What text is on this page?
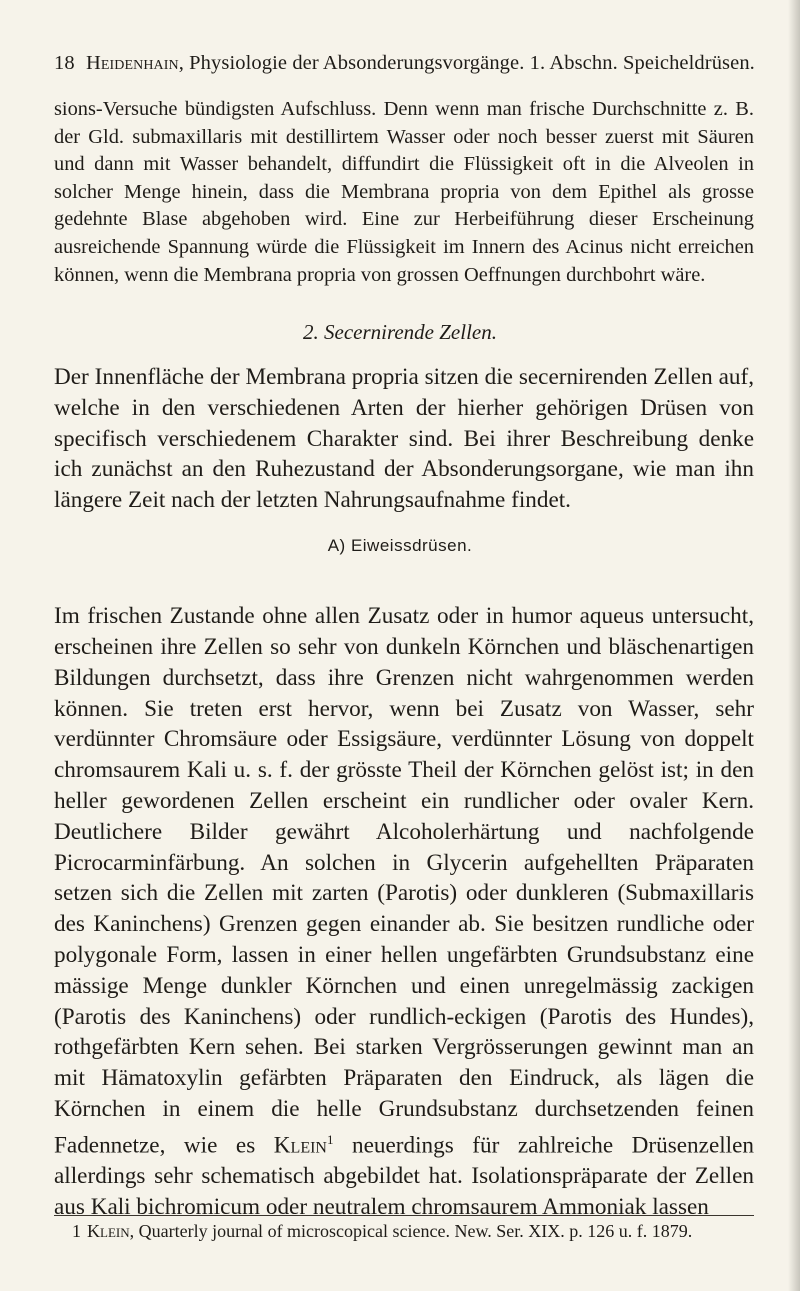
18 Heidenhain, Physiologie der Absonderungsvorgänge. 1. Abschn. Speicheldrüsen.

sions-Versuche bündigsten Aufschluss. Denn wenn man frische Durchschnitte z. B. der Gld. submaxillaris mit destillirtem Wasser oder noch besser zuerst mit Säuren und dann mit Wasser behandelt, diffundirt die Flüssigkeit oft in die Alveolen in solcher Menge hinein, dass die Membrana propria von dem Epithel als grosse gedehnte Blase abgehoben wird. Eine zur Herbeiführung dieser Erscheinung ausreichende Spannung würde die Flüssigkeit im Innern des Acinus nicht erreichen können, wenn die Membrana propria von grossen Oeffnungen durchbohrt wäre.

2. Secernirende Zellen.

Der Innenfläche der Membrana propria sitzen die secernirenden Zellen auf, welche in den verschiedenen Arten der hierher gehörigen Drüsen von specifisch verschiedenem Charakter sind. Bei ihrer Beschreibung denke ich zunächst an den Ruhezustand der Absonderungsorgane, wie man ihn längere Zeit nach der letzten Nahrungsaufnahme findet.

A) Eiweissdrüsen.

Im frischen Zustande ohne allen Zusatz oder in humor aqueus untersucht, erscheinen ihre Zellen so sehr von dunkeln Körnchen und bläschenartigen Bildungen durchsetzt, dass ihre Grenzen nicht wahrgenommen werden können. Sie treten erst hervor, wenn bei Zusatz von Wasser, sehr verdünnter Chromsäure oder Essigsäure, verdünnter Lösung von doppelt chromsaurem Kali u. s. f. der grösste Theil der Körnchen gelöst ist; in den heller gewordenen Zellen erscheint ein rundlicher oder ovaler Kern. Deutlichere Bilder gewährt Alcoholerhärtung und nachfolgende Picrocarminfärbung. An solchen in Glycerin aufgehellten Präparaten setzen sich die Zellen mit zarten (Parotis) oder dunkleren (Submaxillaris des Kaninchens) Grenzen gegen einander ab. Sie besitzen rundliche oder polygonale Form, lassen in einer hellen ungefärbten Grundsubstanz eine mässige Menge dunkler Körnchen und einen unregelmässig zackigen (Parotis des Kaninchens) oder rundlich-eckigen (Parotis des Hundes), rothgefärbten Kern sehen. Bei starken Vergrösserungen gewinnt man an mit Hämatoxylin gefärbten Präparaten den Eindruck, als lägen die Körnchen in einem die helle Grundsubstanz durchsetzenden feinen Fadennetze, wie es Klein$^1$ neuerdings für zahlreiche Drüsenzellen allerdings sehr schematisch abgebildet hat. Isolationspräparate der Zellen aus Kali bichromicum oder neutralem chromsaurem Ammoniak lassen

1 Klein, Quarterly journal of microscopical science. New. Ser. XIX. p. 126 u. f. 1879.
